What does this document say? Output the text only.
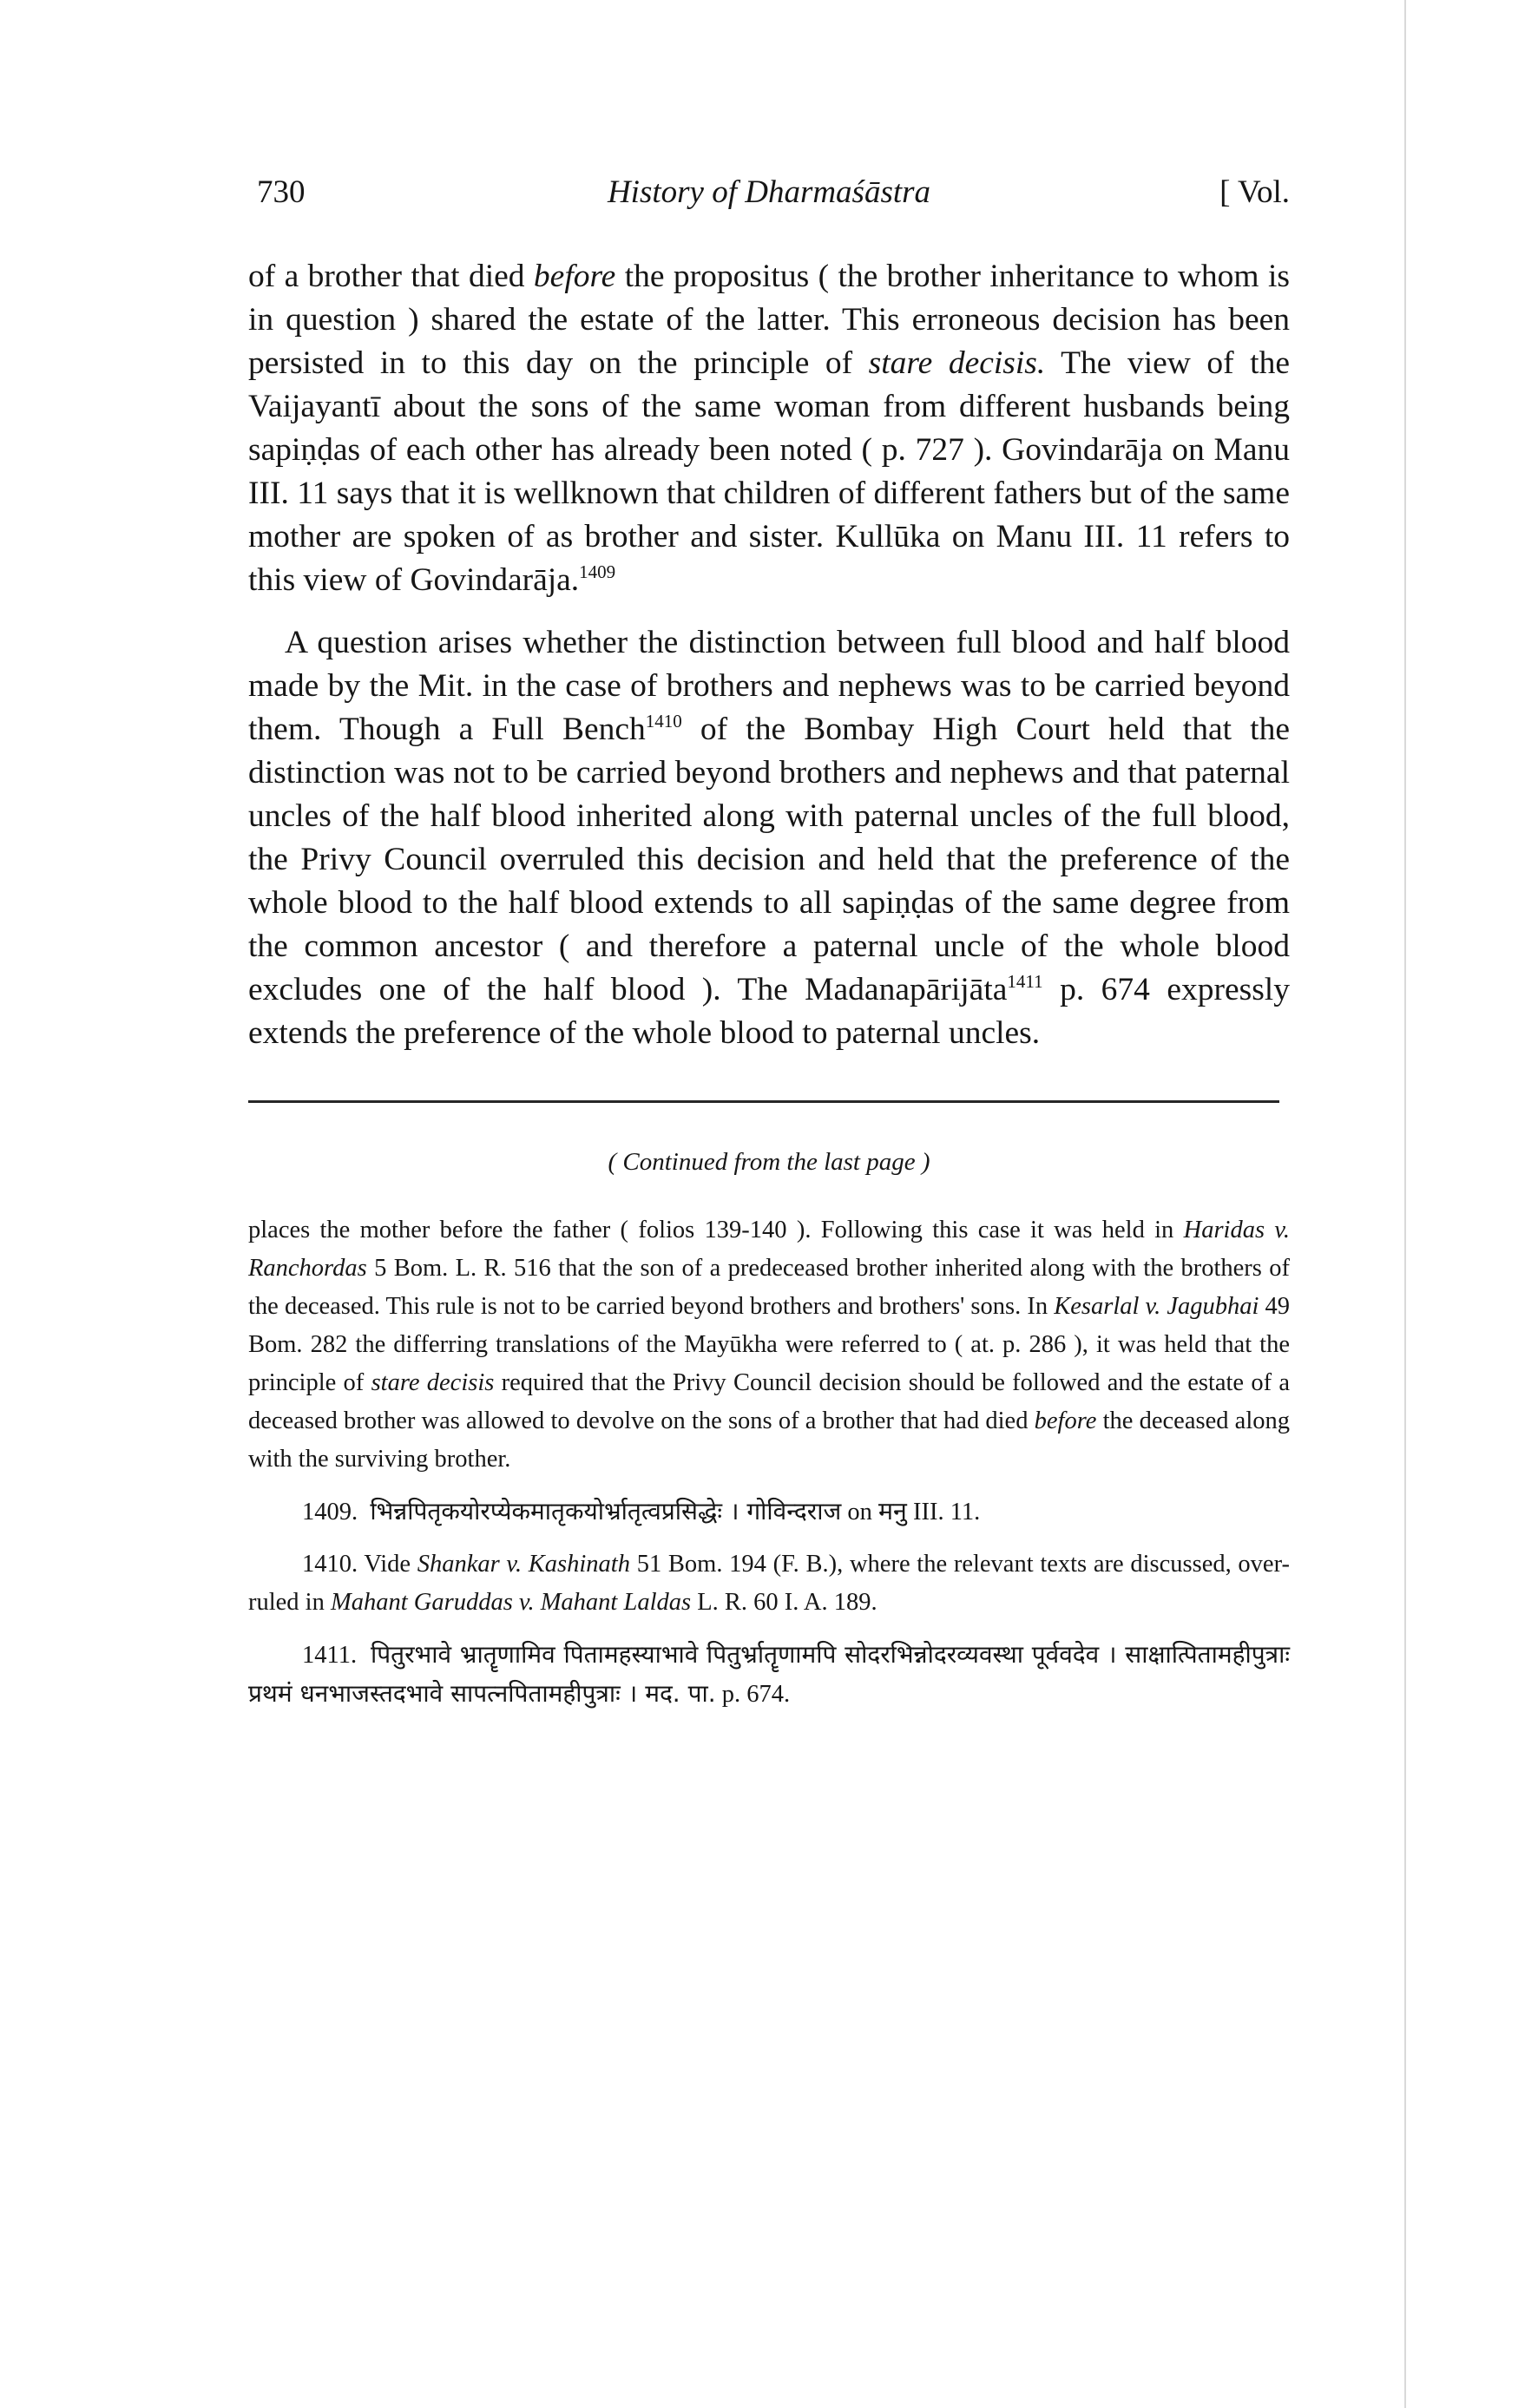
730	History of Dharmaśāstra	[ Vol.

of a brother that died before the propositus ( the brother inheritance to whom is in question ) shared the estate of the latter. This erroneous decision has been persisted in to this day on the principle of stare decisis. The view of the Vaijayantī about the sons of the same woman from different husbands being sapiṇḍas of each other has already been noted ( p. 727 ). Govindarāja on Manu III. 11 says that it is wellknown that children of different fathers but of the same mother are spoken of as brother and sister. Kullūka on Manu III. 11 refers to this view of Govindarāja.$^{1409}$

A question arises whether the distinction between full blood and half blood made by the Mit. in the case of brothers and nephews was to be carried beyond them. Though a Full Bench$^{1410}$ of the Bombay High Court held that the distinction was not to be carried beyond brothers and nephews and that paternal uncles of the half blood inherited along with paternal uncles of the full blood, the Privy Council overruled this decision and held that the preference of the whole blood to the half blood extends to all sapiṇḍas of the same degree from the common ancestor ( and therefore a paternal uncle of the whole blood excludes one of the half blood ). The Madanapārijāta$^{1411}$ p. 674 expressly extends the preference of the whole blood to paternal uncles.

( Continued from the last page )

places the mother before the father ( folios 139-140 ). Following this case it was held in Haridas v. Ranchordas 5 Bom. L. R. 516 that the son of a predeceased brother inherited along with the brothers of the deceased. This rule is not to be carried beyond brothers and brothers' sons. In Kesarlal v. Jagubhai 49 Bom. 282 the differring translations of the Mayūkha were referred to ( at. p. 286 ), it was held that the principle of stare decisis required that the Privy Council decision should be followed and the estate of a deceased brother was allowed to devolve on the sons of a brother that had died before the deceased along with the surviving brother.

1409. भिन्नपितृकयोरप्येकमातृकयोर्भ्रातृत्वप्रसिद्धेः । गोविन्दराज on मनु III. 11.

1410. Vide Shankar v. Kashinath 51 Bom. 194 (F. B.), where the relevant texts are discussed, over-ruled in Mahant Garuddas v. Mahant Laldas L. R. 60 I. A. 189.

1411. पितुरभावे भ्रातॄणामिव पितामहस्याभावे पितुर्भ्रातॄणामपि सोदरभिन्नोदरव्यवस्था पूर्ववदेव । साक्षात्पितामहीपुत्राः प्रथमं धनभाजस्तदभावे सापत्नपितामहीपुत्राः । मद. पा. p. 674.
